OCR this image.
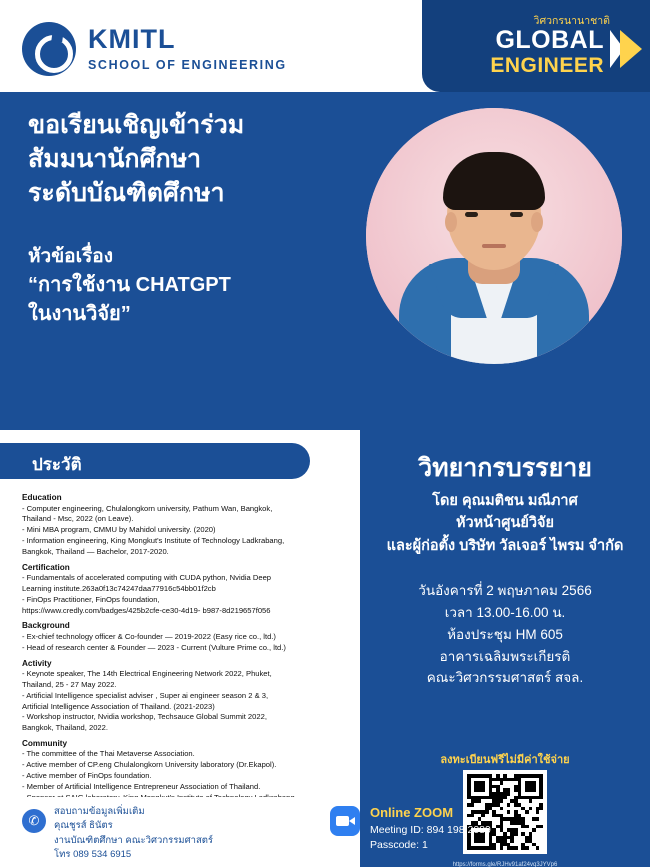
KMITL
SCHOOL OF ENGINEERING
วิศวกรนานาชาติ
GLOBAL
ENGINEER
ขอเรียนเชิญเข้าร่วม
สัมมนานักศึกษา
ระดับบัณฑิตศึกษา
หัวข้อเรื่อง
“การใช้งาน CHATGPT
ในงานวิจัย”
ประวัติ
Education

- Computer engineering, Chulalongkorn university, Pathum Wan, Bangkok,

Thailand - Msc, 2022 (on Leave).

- Mini MBA program, CMMU by Mahidol university. (2020)

- Information engineering, King Mongkut's Institute of Technology Ladkrabang,

Bangkok, Thailand — Bachelor, 2017-2020.

Certification

- Fundamentals of accelerated computing with CUDA python, Nvidia Deep

Learning institute.263a0f13c74247daa77916c54bb01f2cb

- FinOps Practitioner, FinOps foundation,

https://www.credly.com/badges/425b2cfe-ce30-4d19- b987-8d219657f056

Background

- Ex-chief technology officer & Co-founder — 2019-2022 (Easy rice co., ltd.)

- Head of research center & Founder — 2023 - Current (Vulture Prime co., ltd.)

Activity

- Keynote speaker, The 14th Electrical Engineering Network 2022, Phuket,

Thailand, 25 - 27 May 2022.

- Artificial Intelligence specialist adviser , Super ai engineer season 2 & 3,

Artificial Intelligence Association of Thailand. (2021-2023)

- Workshop instructor, Nvidia workshop, Techsauce Global Summit 2022,

Bangkok, Thailand, 2022.

Community

- The committee of the Thai Metaverse Association.

- Active member of CP.eng Chulalongkorn University laboratory (Dr.Ekapol).

- Active member of FinOps foundation.

- Member of Artificial Intelligence Entrepreneur Association of Thailand.

วิทยากรบรรยาย
โดย คุณมติชน มณีภาศ
หัวหน้าศูนย์วิจัย
และผู้ก่อตั้ง บริษัท วัลเจอร์ ไพรม จำกัด
วันอังคารที่ 2 พฤษภาคม 2566
เวลา 13.00-16.00 น.
ห้องประชุม HM 605
อาคารเฉลิมพระเกียรติ
คณะวิศวกรรมศาสตร์ สจล.
ลงทะเบียนฟรีไม่มีค่าใช้จ่าย
https://forms.gle/RJHv91af24vq3JYVp6
✆
สอบถามข้อมูลเพิ่มเติม
คุณชูรส์ ธินัตร
งานบัณฑิตศึกษา คณะวิศวกรรมศาสตร์
โทร 089 534 6915
Online ZOOM
Meeting ID: 894 198 2089
Passcode: 1
